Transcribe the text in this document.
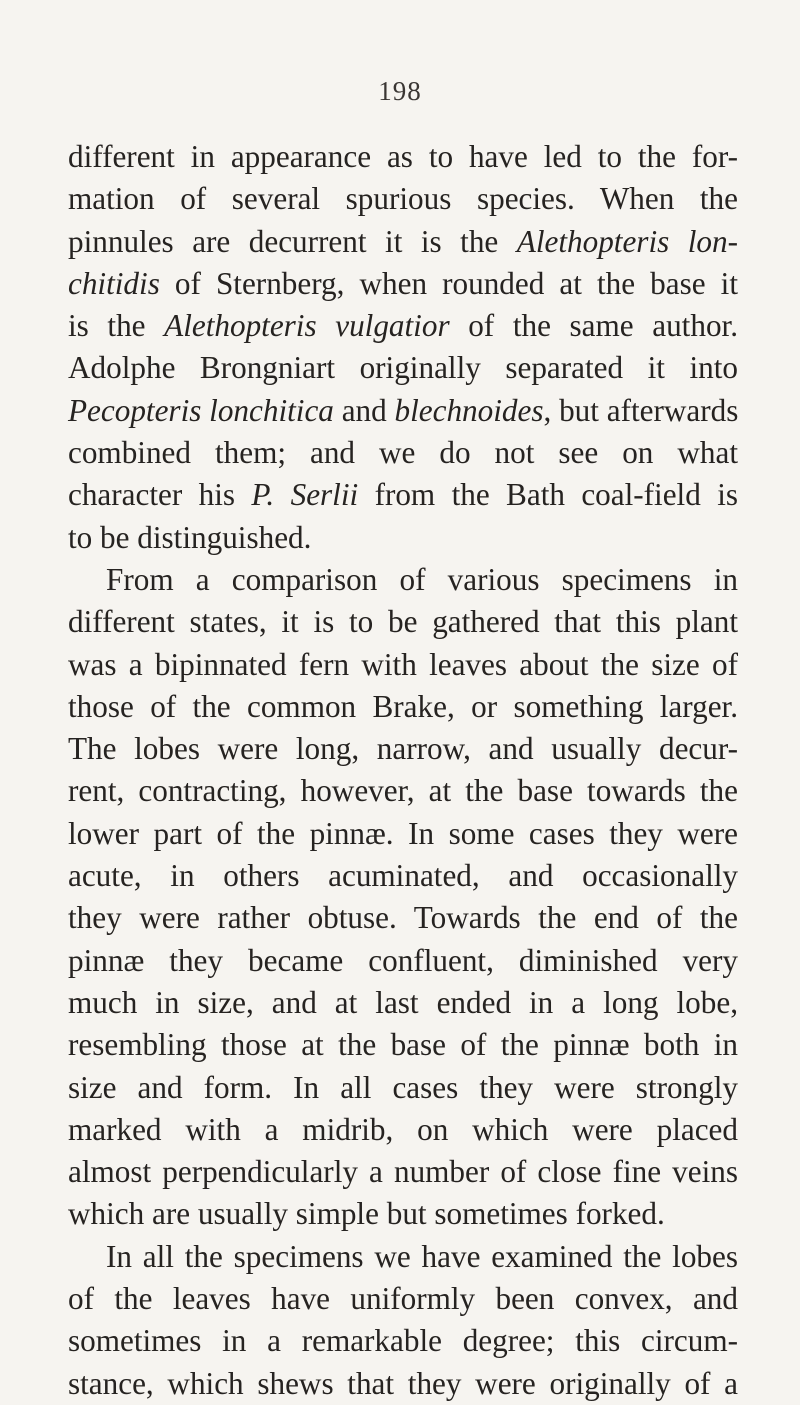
198
different in appearance as to have led to the for-
mation of several spurious species. When the
pinnules are decurrent it is the Alethopteris lon-
chitidis of Sternberg, when rounded at the base it
is the Alethopteris vulgatior of the same author.
Adolphe Brongniart originally separated it into
Pecopteris lonchitica and blechnoides, but afterwards
combined them; and we do not see on what
character his P. Serlii from the Bath coal-field is
to be distinguished.
From a comparison of various specimens in
different states, it is to be gathered that this plant
was a bipinnated fern with leaves about the size of
those of the common Brake, or something larger.
The lobes were long, narrow, and usually decur-
rent, contracting, however, at the base towards the
lower part of the pinnæ. In some cases they were
acute, in others acuminated, and occasionally
they were rather obtuse. Towards the end of the
pinnæ they became confluent, diminished very
much in size, and at last ended in a long lobe,
resembling those at the base of the pinnæ both in
size and form. In all cases they were strongly
marked with a midrib, on which were placed
almost perpendicularly a number of close fine veins
which are usually simple but sometimes forked.
In all the specimens we have examined the lobes
of the leaves have uniformly been convex, and
sometimes in a remarkable degree; this circum-
stance, which shews that they were originally of a
